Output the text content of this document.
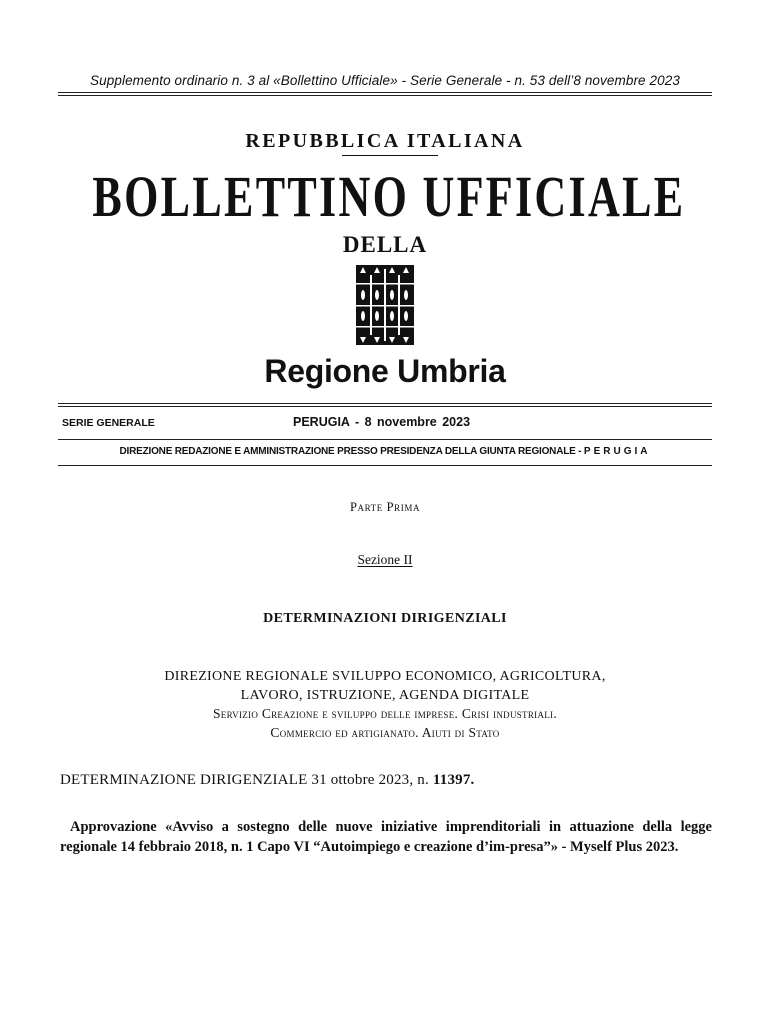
Supplemento ordinario n. 3 al «Bollettino Ufficiale» - Serie Generale - n. 53 dell’8 novembre 2023
REPUBBLICA ITALIANA
BOLLETTINO UFFICIALE
DELLA
Regione Umbria
SERIE GENERALE	PERUGIA - 8 novembre 2023
DIREZIONE REDAZIONE E AMMINISTRAZIONE PRESSO PRESIDENZA DELLA GIUNTA REGIONALE - PERUGIA
Parte Prima
Sezione II
DETERMINAZIONI DIRIGENZIALI
DIREZIONE REGIONALE SVILUPPO ECONOMICO, AGRICOLTURA,
LAVORO, ISTRUZIONE, AGENDA DIGITALE
Servizio Creazione e sviluppo delle imprese. Crisi industriali.
Commercio ed artigianato. Aiuti di Stato
DETERMINAZIONE DIRIGENZIALE 31 ottobre 2023, n. 11397.
Approvazione «Avviso a sostegno delle nuove iniziative imprenditoriali in attuazione della legge regionale 14 febbraio 2018, n. 1 Capo VI “Autoimpiego e creazione d’im-presa”» - Myself Plus 2023.
